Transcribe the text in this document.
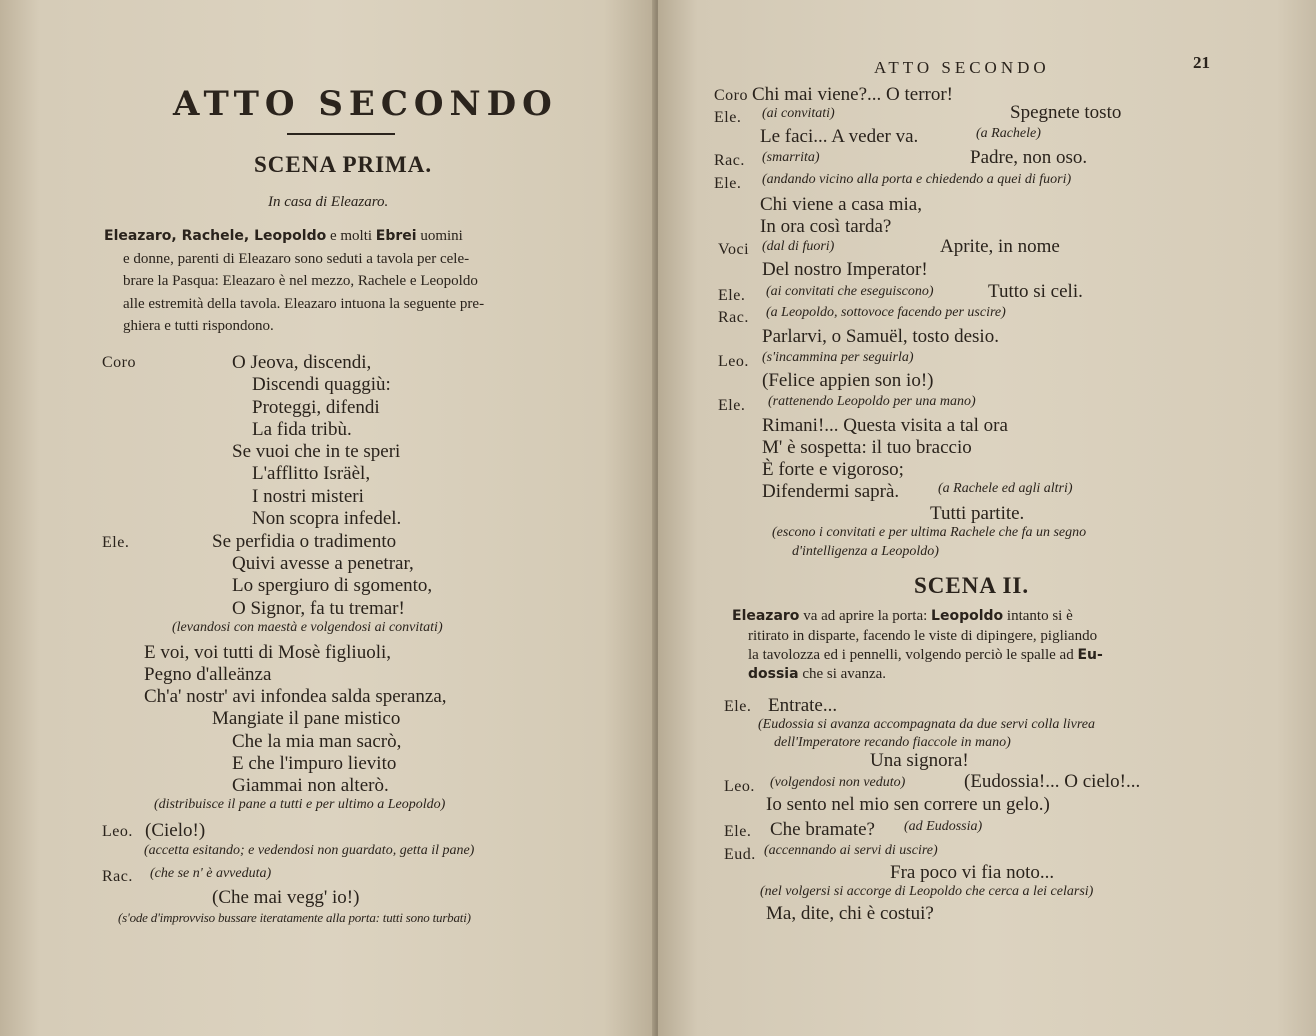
ATTO SECONDO
SCENA PRIMA.
In casa di Eleazaro.
Eleazaro, Rachele, Leopoldo e molti Ebrei uomini
e donne, parenti di Eleazaro sono seduti a tavola per cele-
brare la Pasqua: Eleazaro è nel mezzo, Rachele e Leopoldo
alle estremità della tavola. Eleazaro intuona la seguente pre-
ghiera e tutti rispondono.
Coro	O Jeova, discendi,
Discendi quaggiù:
Proteggi, difendi
La fida tribù.
Se vuoi che in te speri
L'afflitto Isräèl,
I nostri misteri
Non scopra infedel.
Ele.	Se perfidia o tradimento
Quivi avesse a penetrar,
Lo spergiuro di sgomento,
O Signor, fa tu tremar!
(levandosi con maestà e volgendosi ai convitati)
E voi, voi tutti di Mosè figliuoli,
Pegno d'alleänza
Ch'a' nostr' avi infondea salda speranza,
Mangiate il pane mistico
Che la mia man sacrò,
E che l'impuro lievito
Giammai non alterò.
(distribuisce il pane a tutti e per ultimo a Leopoldo)
Leo. (Cielo!)
(accetta esitando; e vedendosi non guardato, getta il pane)
Rac. (che se n' è avveduta)
(Che mai vegg' io!)
(s'ode d'improvviso bussare iteratamente alla porta: tutti sono turbati)
ATTO SECONDO	21
Coro Chi mai viene?... O terror!
Ele. (ai convitati)	Spegnete tosto
Le faci... A veder va.	(a Rachele)
Rac. (smarrita)	Padre, non oso.
Ele. (andando vicino alla porta e chiedendo a quei di fuori)
Chi viene a casa mia,
In ora così tarda?
Voci (dal di fuori)	Aprite, in nome
Del nostro Imperator!
Ele. (ai convitati che eseguiscono)	Tutto si celi.
Rac. (a Leopoldo, sottovoce facendo per uscire)
Parlarvi, o Samuël, tosto desio.
Leo. (s'incammina per seguirla)
(Felice appien son io!)
Ele. (rattenendo Leopoldo per una mano)
Rimani!... Questa visita a tal ora
M' è sospetta: il tuo braccio
È forte e vigoroso;
Difendermi saprà.	(a Rachele ed agli altri)
Tutti partite.
(escono i convitati e per ultima Rachele che fa un segno
d'intelligenza a Leopoldo)
SCENA II.
Eleazaro va ad aprire la porta: Leopoldo intanto si è
ritirato in disparte, facendo le viste di dipingere, pigliando
la tavolozza ed i pennelli, volgendo perciò le spalle ad Eu-
dossia che si avanza.
Ele. Entrate...
(Eudossia si avanza accompagnata da due servi colla livrea
dell'Imperatore recando fiaccole in mano)
Una signora!
Leo. (volgendosi non veduto)	(Eudossia!... O cielo!...
Io sento nel mio sen correre un gelo.)
Ele. Che bramate? (ad Eudossia)
Eud. (accennando ai servi di uscire)
Fra poco vi fia noto...
(nel volgersi si accorge di Leopoldo che cerca a lei celarsi)
Ma, dite, chi è costui?
